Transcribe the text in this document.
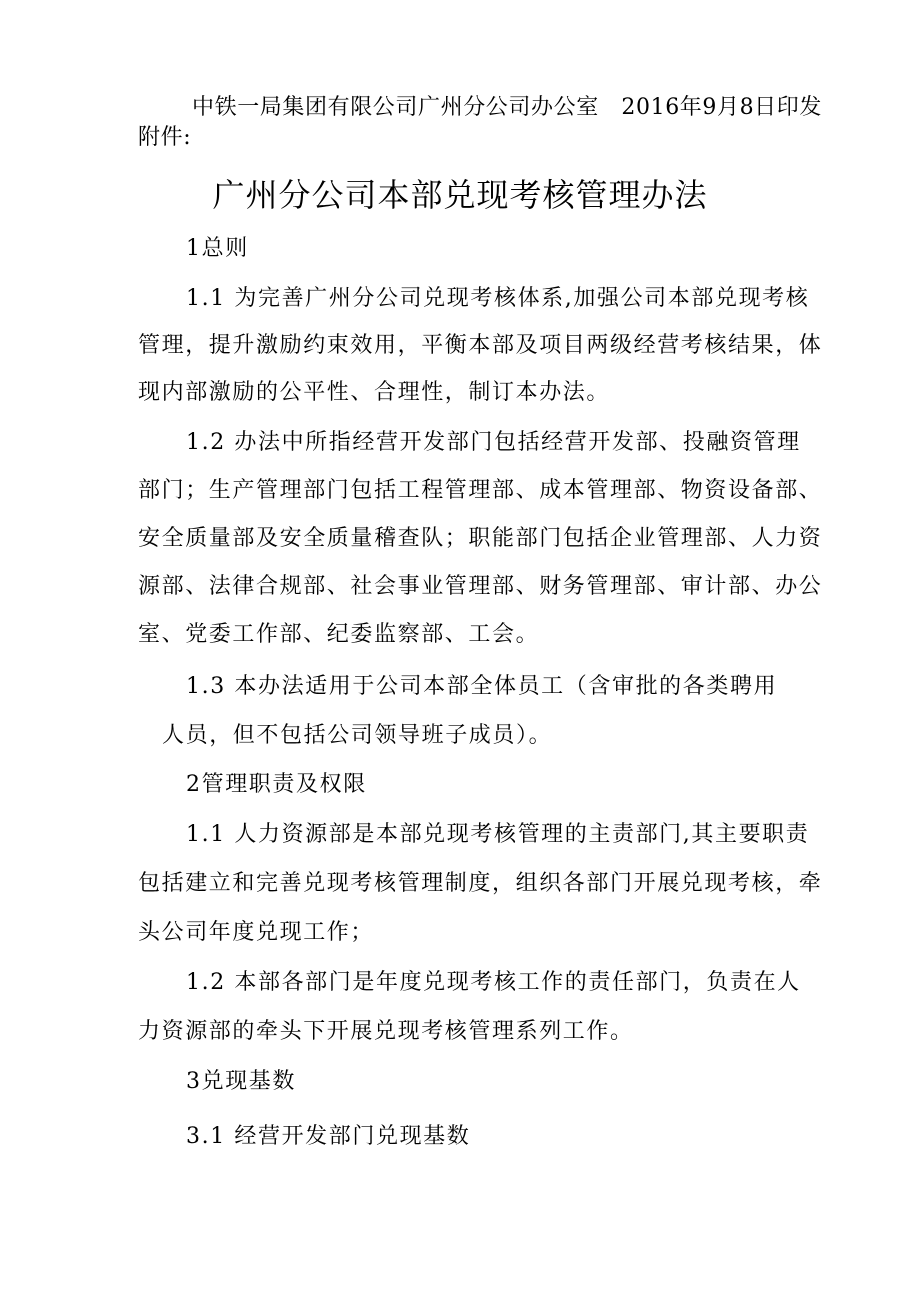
中铁一局集团有限公司广州分公司办公室　2016年9月8日印发

附件:

广州分公司本部兑现考核管理办法

1总则

1.1 为完善广州分公司兑现考核体系,加强公司本部兑现考核

管理，提升激励约束效用，平衡本部及项目两级经营考核结果，体

现内部激励的公平性、合理性，制订本办法。

1.2 办法中所指经营开发部门包括经营开发部、投融资管理

部门；生产管理部门包括工程管理部、成本管理部、物资设备部、

安全质量部及安全质量稽查队；职能部门包括企业管理部、人力资

源部、法律合规部、社会事业管理部、财务管理部、审计部、办公

室、党委工作部、纪委监察部、工会。

1.3 本办法适用于公司本部全体员工（含审批的各类聘用

人员，但不包括公司领导班子成员）。

2管理职责及权限

1.1 人力资源部是本部兑现考核管理的主责部门,其主要职责

包括建立和完善兑现考核管理制度，组织各部门开展兑现考核，牵

头公司年度兑现工作；

1.2 本部各部门是年度兑现考核工作的责任部门，负责在人

力资源部的牵头下开展兑现考核管理系列工作。

3兑现基数

3.1 经营开发部门兑现基数
